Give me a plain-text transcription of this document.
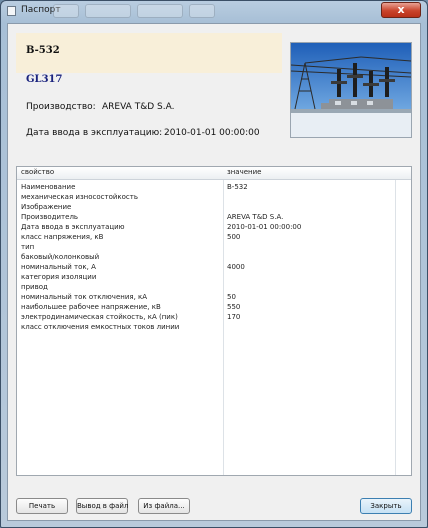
Паспорт	x
B-532
GL317
Производство: AREVA T&D S.A.
Дата ввода в эксплуатацию: 2010-01-01 00:00:00
свойство	значение
Наименование	B-532
механическая износостойкость
Изображение
Производитель	AREVA T&D S.A.
Дата ввода в эксплуатацию	2010-01-01 00:00:00
класс напряжения, кВ	500
тип
баковый/колонковый
номинальный ток, А	4000
категория изоляции
привод
номинальный ток отключения, кА	50
наибольшее рабочее напряжение, кВ	550
электродинамическая стойкость, кА (пик)	170
класс отключения емкостных токов линии
Печать	Вывод в файл	Из файла...	Закрыть
